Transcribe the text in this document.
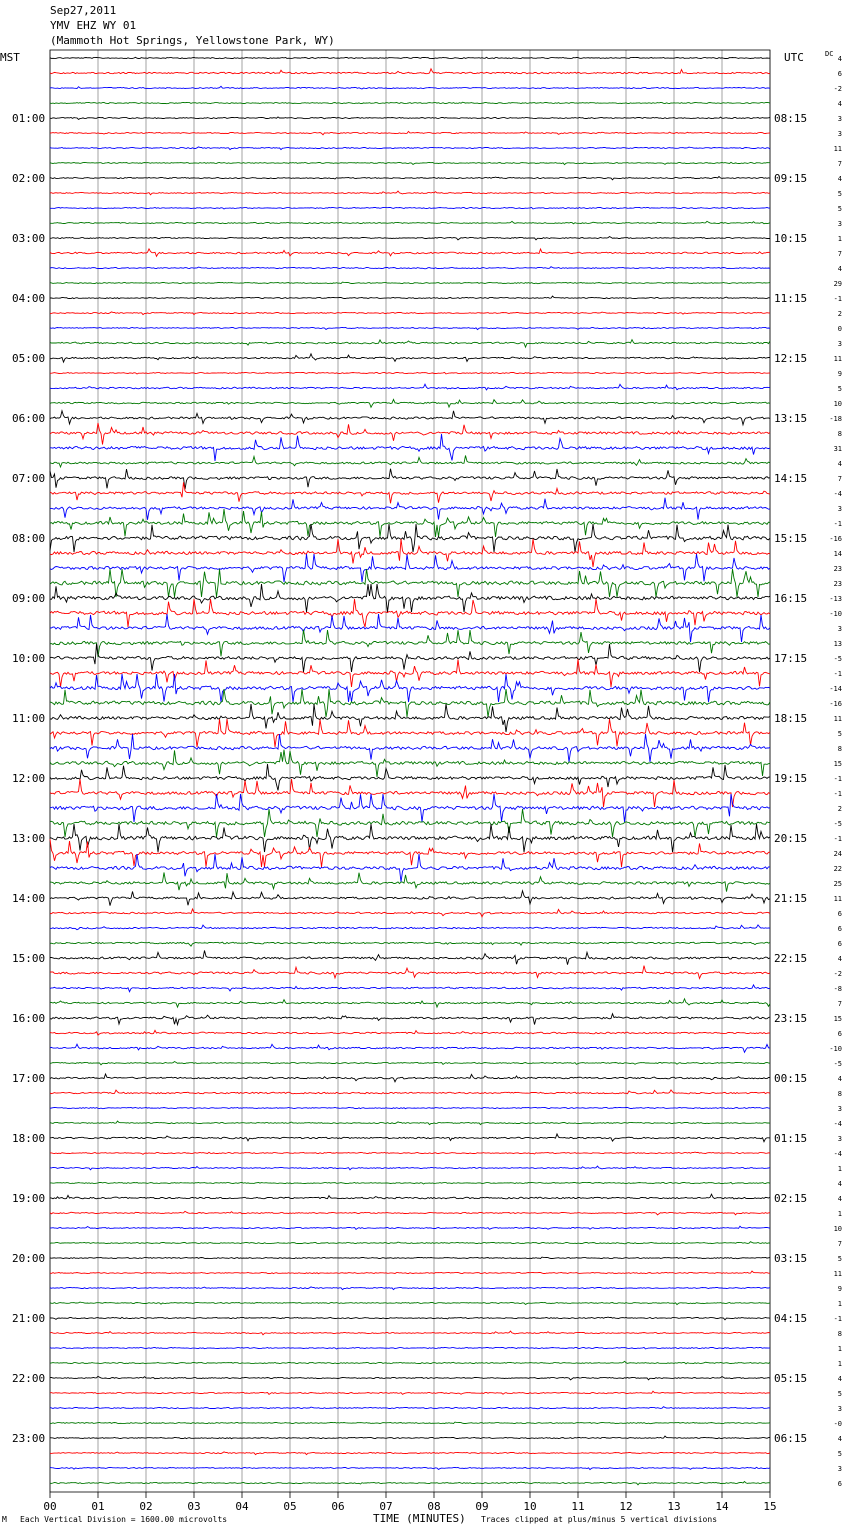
Sep27,2011
YMV EHZ WY 01
(Mammoth Hot Springs, Yellowstone Park, WY)
4
6
-2
4
3
3
11
7
4
5
5
3
1
7
4
29
-1
2
0
3
11
9
5
10
-18
8
31
4
7
-4
3
-1
-16
14
23
23
-13
-10
3
13
-5
-1
-14
-16
11
5
8
15
-1
-1
2
-5
-1
24
22
25
11
6
6
6
4
-2
-8
7
15
6
-10
-5
4
8
3
-4
3
-4
1
4
4
1
10
7
5
11
9
1
-1
8
1
1
4
5
3
-0
4
5
3
6
01:00
02:00
03:00
04:00
05:00
06:00
07:00
08:00
09:00
10:00
11:00
12:00
13:00
14:00
15:00
16:00
17:00
18:00
19:00
20:00
21:00
22:00
23:00
08:15
09:15
10:15
11:15
12:15
13:15
14:15
15:15
16:15
17:15
18:15
19:15
20:15
21:15
22:15
23:15
00:15
01:15
02:15
03:15
04:15
05:15
06:15
MST	UTC	DC
00	01	02	03	04	05	06	07	08	09	10	11	12	13	14	15
TIME (MINUTES)
M Each Vertical Division = 1600.00 microvolts	Traces clipped at plus/minus 5 vertical divisions
